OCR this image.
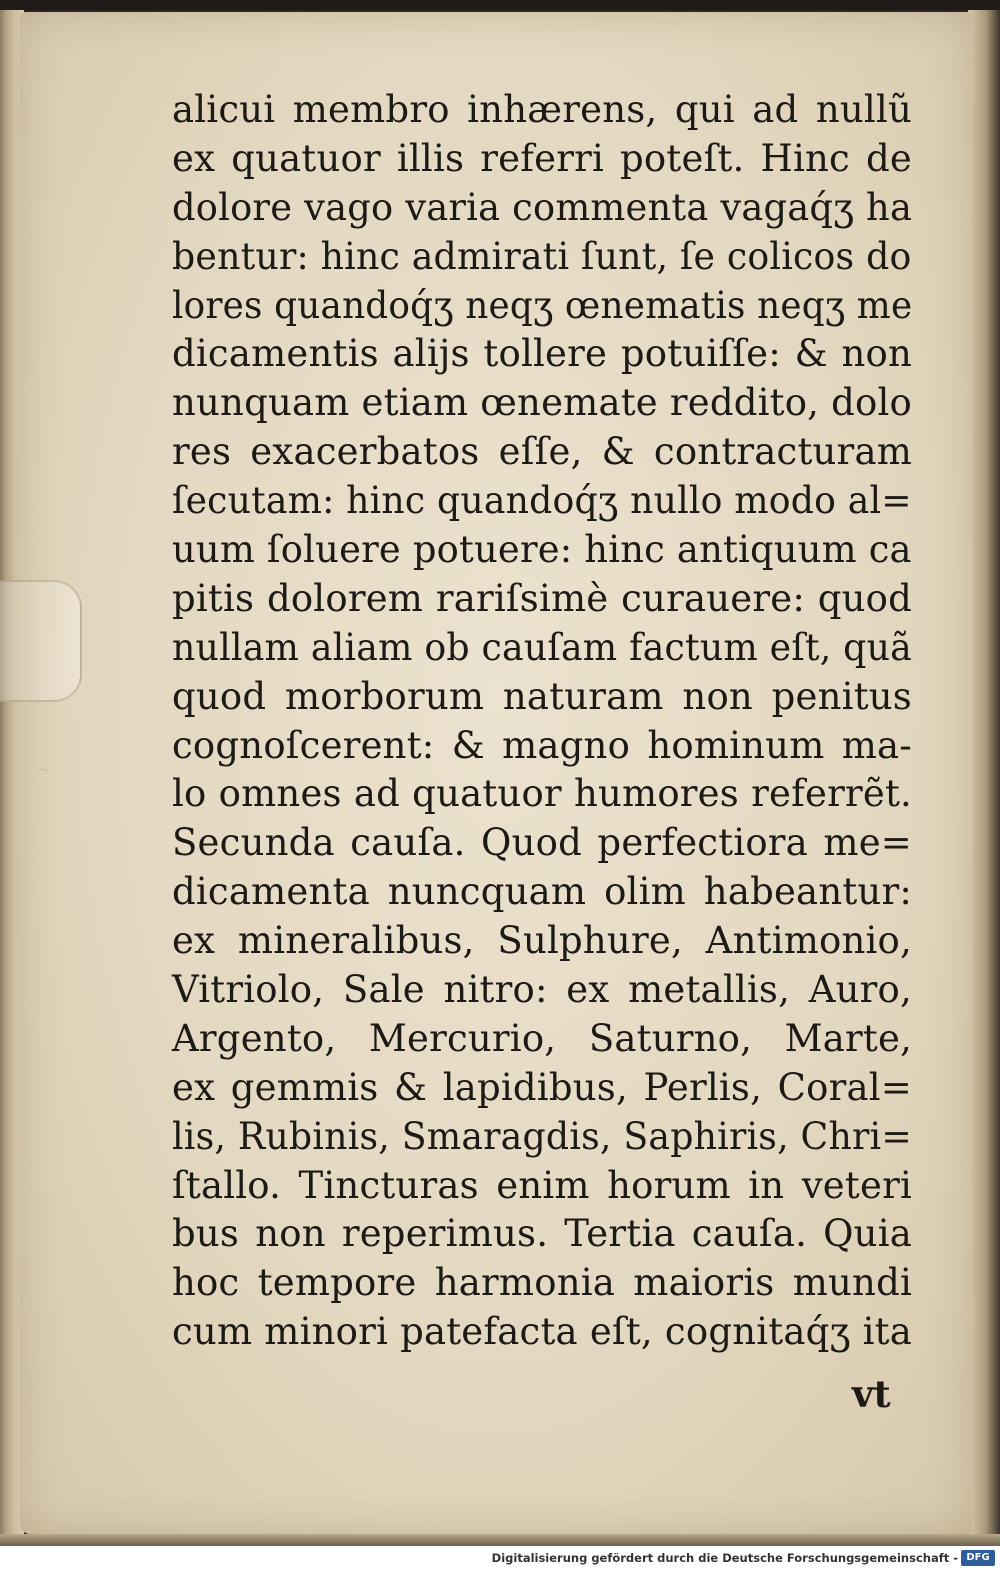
~
alicui membro inhærens, qui ad nullũ
ex quatuor illis referri poteſt. Hinc de
dolore vago varia commenta vagaq́ʒ ha
bentur: hinc admirati ſunt, ſe colicos do
lores quandoq́ʒ neqʒ œnematis neqʒ me
dicamentis alijs tollere potuiſſe: & non
nunquam etiam œnemate reddito, dolo
res exacerbatos eſſe, & contracturam
ſecutam: hinc quandoq́ʒ nullo modo al=
uum ſoluere potuere: hinc antiquum ca
pitis dolorem rariſsimè curauere: quod
nullam aliam ob cauſam factum eſt, quã
quod morborum naturam non penitus
cognoſcerent: & magno hominum ma-
lo omnes ad quatuor humores referrẽt.
Secunda cauſa. Quod perfectiora me=
dicamenta nuncquam olim habeantur:
ex mineralibus, Sulphure, Antimonio,
Vitriolo, Sale nitro: ex metallis, Auro,
Argento, Mercurio, Saturno, Marte,
ex gemmis & lapidibus, Perlis, Coral=
lis, Rubinis, Smaragdis, Saphiris, Chri=
ſtallo. Tincturas enim horum in veteri
bus non reperimus. Tertia cauſa. Quia
hoc tempore harmonia maioris mundi
cum minori patefacta eſt, cognitaq́ʒ ita
vt
Digitalisierung gefördert durch die Deutsche Forschungsgemeinschaft - DFG
